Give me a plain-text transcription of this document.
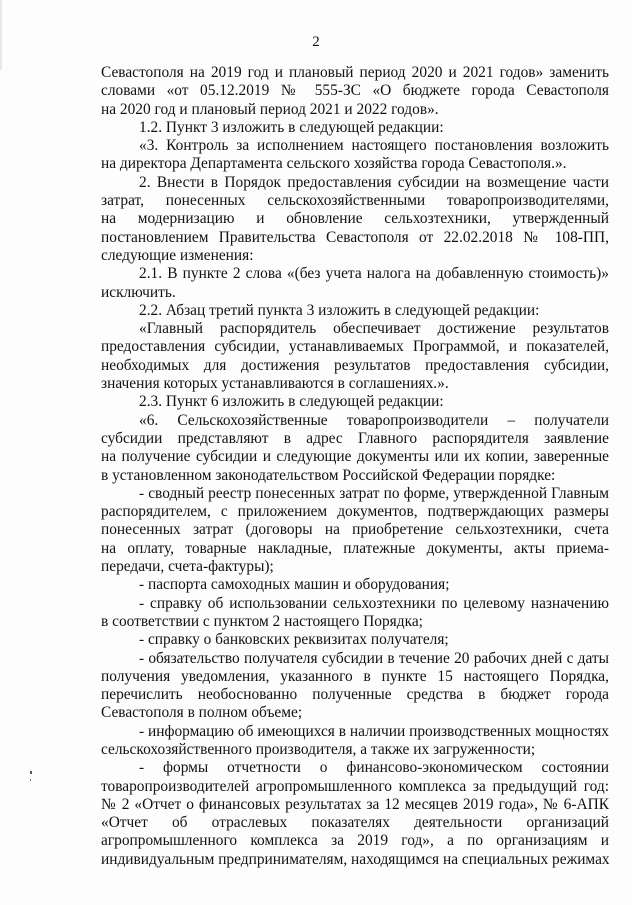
2
Севастополя на 2019 год и плановый период 2020 и 2021 годов» заменить
словами «от 05.12.2019 № 555-ЗС «О бюджете города Севастополя
на 2020 год и плановый период 2021 и 2022 годов».
1.2. Пункт 3 изложить в следующей редакции:
«3. Контроль за исполнением настоящего постановления возложить
на директора Департамента сельского хозяйства города Севастополя.».
2. Внести в Порядок предоставления субсидии на возмещение части
затрат, понесенных сельскохозяйственными товаропроизводителями,
на модернизацию и обновление сельхозтехники, утвержденный
постановлением Правительства Севастополя от 22.02.2018 № 108-ПП,
следующие изменения:
2.1. В пункте 2 слова «(без учета налога на добавленную стоимость)»
исключить.
2.2. Абзац третий пункта 3 изложить в следующей редакции:
«Главный распорядитель обеспечивает достижение результатов
предоставления субсидии, устанавливаемых Программой, и показателей,
необходимых для достижения результатов предоставления субсидии,
значения которых устанавливаются в соглашениях.».
2.3. Пункт 6 изложить в следующей редакции:
«6. Сельскохозяйственные товаропроизводители – получатели
субсидии представляют в адрес Главного распорядителя заявление
на получение субсидии и следующие документы или их копии, заверенные
в установленном законодательством Российской Федерации порядке:
- сводный реестр понесенных затрат по форме, утвержденной Главным
распорядителем, с приложением документов, подтверждающих размеры
понесенных затрат (договоры на приобретение сельхозтехники, счета
на оплату, товарные накладные, платежные документы, акты приема-
передачи, счета-фактуры);
- паспорта самоходных машин и оборудования;
- справку об использовании сельхозтехники по целевому назначению
в соответствии с пунктом 2 настоящего Порядка;
- справку о банковских реквизитах получателя;
- обязательство получателя субсидии в течение 20 рабочих дней с даты
получения уведомления, указанного в пункте 15 настоящего Порядка,
перечислить необоснованно полученные средства в бюджет города
Севастополя в полном объеме;
- информацию об имеющихся в наличии производственных мощностях
сельскохозяйственного производителя, а также их загруженности;
- формы отчетности о финансово-экономическом состоянии
товаропроизводителей агропромышленного комплекса за предыдущий год:
№ 2 «Отчет о финансовых результатах за 12 месяцев 2019 года», № 6-АПК
«Отчет об отраслевых показателях деятельности организаций
агропромышленного комплекса за 2019 год», а по организациям и
индивидуальным предпринимателям, находящимся на специальных режимах
